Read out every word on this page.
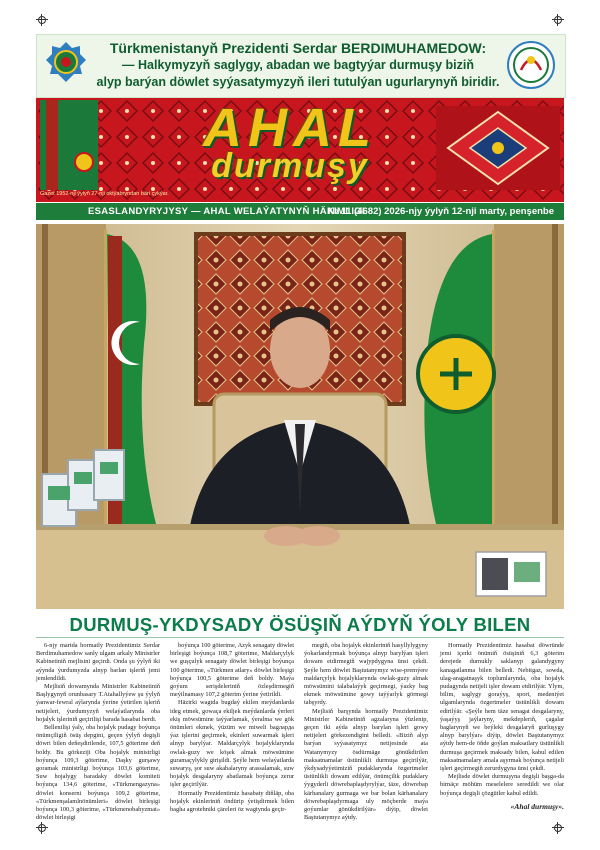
Türkmenistanyň Prezidenti Serdar BERDIMUHAMEDOW:
— Halkymyzyň saglygy, abadan we bagtyýar durmuşy biziň
alyp barýan döwlet syýasatymyzyň ileri tutulýan ugurlarynyň biridir.
AHAL
durmuşy
Gazet 1952-nji ýylyň 27-nji oktýabryndan bäri çykýar.
ESASLANDYRYJYSY — AHAL WELAÝATYNYŇ HÄKIMLIGI
№ 11 (4682) 2026-njy ýylyň 12-nji marty, penşenbe
DURMUŞ-YKDYSADY ÖSÜŞIŇ AÝDYŇ ÝOLY BILEN

6-njy martda hormatly Prezidentimiz Serdar Berdimuhamedow sanly ulgam arkaly Ministrler Kabinetiniň mejlisini geçirdi. Onda şu ýylyň iki aýynda ýurdumyzda alnyp barlan işleriň jemi jemlendildi.

Mejlisiň dowamynda Ministrler Kabinetiniň Başlygynyň orunbasary T.Atahallyýew şu ýylyň ýanwar-fewral aýlarynda ýerine ýetirilen işleriň netijeleri, ýurdumyzyň welaýatlarynda oba hojalyk işleriniň geçirilişi barada hasabat berdi.

Bellenilişi ýaly, oba hojalyk pudagy boýunça önümçiligiň ösüş depgini, geçen ýylyň degişli döwri bilen deňeşdirilende, 107,5 göterime deň boldy. Bu görkeziji Oba hojalyk ministrligi boýunça 109,3 göterime, Daşky gurşawy goramak ministrligi boýunça 103,6 göterime, Suw hojalygy baradaky döwlet komiteti boýunça 134,6 göterime, «Türkmengazyna» döwlet konserni boýunça 109,2 göterime, «Türkmenşalamlnönümleri» döwlet birleşigi boýunça 100,3 göterime, «Türkmenobahyzmat» döwlet birleşigi

boýunça 100 göterime, Azyk senagaty döwlet birleşigi boýunça 108,7 göterime, Maldarçylyk we guşçulyk senagaty döwlet birleşigi boýunça 100 göterime, «Türkmen atlary» döwlet birleşigi boýunça 100,5 göterime deň boldy. Maýa goýum serişdeleriniň özleşdirmegiň meýilnamasy 107,2 göterim ýerine ýetirildi.

Häzirki wagtda bugdaý ekilen meýdanlarda ideg etmek, gowaça ekiljek meýdanlarda ýerleri ekiş möwsümine taýýarlamak, ýeralma we gök önümleri ekmek, ýüzüm we miweli bagларда ýaz işlerini geçirmek, ekinleri suwarmak işleri alnyp barylýar. Maldarçylyk hojalyklarynda owlak-guzy we köşek almak möwsümine guramaçylykly girişildi. Şeýle hem welaýatlarda suwaryş, şor suw akabalaryny arassalamak, suw hojalyk desgalaryny abatlamak boýunça zerur işler geçirilýär.

Hormatly Prezidentimiz hasabaty diňläp, oba hojalyk ekinleriniň öndürip ýetişdirmek bilen baglы agrotehniki çäreleri öz wagtynda geçir-

megiň, oba hojalyk ekinleriniň hasyllylygyny ýokarlandyrmak boýunça alnyp barylýan işleri dowam etdirmegiň wajypdygyna ünsi çekdi. Şeýle hem döwlet Baştutanymyz wise-premýere maldarçylyk hojalyklarynda owlak-guzy almak möwsüminі talabalaýyk geçirmegi, ýazky bag ekmek möwsümine gowy taýýarlyk görmegi tabşyrdy.

Mejlisiň barşynda hormatly Prezidentimiz Ministrler Kabinetiniň agzalaryna ýüzlenip, geçen iki aýda alnyp barylan işleri gowy netijeleri görkezendigini belledi. «Biziň alyp barýan syýasatymyz netijesinde ata Watanymyzy ösdürmäge gönükdirilen maksatnamalar üstünlikli durmuşa geçirilýär, ýkdysadyýetimiziň pudaklarynda özgertmeler üstünlikli dowam edilýär, önümçilik pudaklary ýygyderli döwrebaplaşdyrylýar, täze, döwrebap kärhanalary gurmaga we bar bolan kärhanalary döwrebaplaşdyrmaga uly möçberde maýa goýumlar gönükdirilýär» diýip, döwlet Baştutanymyz aýtdy.

Hormatly Prezidentimiz hasabat döwründe jemi içerki önümiň ösüşiniň 6,3 göterim derejede durnukly saklanyp galandygyny kanagatlanma bilen belledi. Nebitgaz, sowda, ulag-aragatnaşyk toplumlarynda, oba hojalyk pudagynda netijeli işler dowam etdirilýär. Ylym, bilim, saglygy goraýyş, sport, medeniýet ulgamlarynda özgertmeler üstünlikli dowam edirilýär. «Şeýle hem täze senagat desgalaryny, ýaşaýyş jaýlaryny, mekdepleriň, çagalar baglarynyň we beýleki desgalaryň gurluşygy alnyp barylýar» diýip, döwlet Baştutanymyz aýtdy hem-de öňde goýlan maksatlary üstünlikli durmuşa geçirmek maksady bilen, kabul edilen maksatnamalary amala aşyrmak boýunça netijeli işleri geçirmegiň zerurdygyna ünsi çekdi.

Mejlisde döwlet durmuşyna degişli başga-da birnäçe möhüm meselelere seredildi we olar boýunça degişli çözgütler kabul edildi.

«Ahal durmuşy».
